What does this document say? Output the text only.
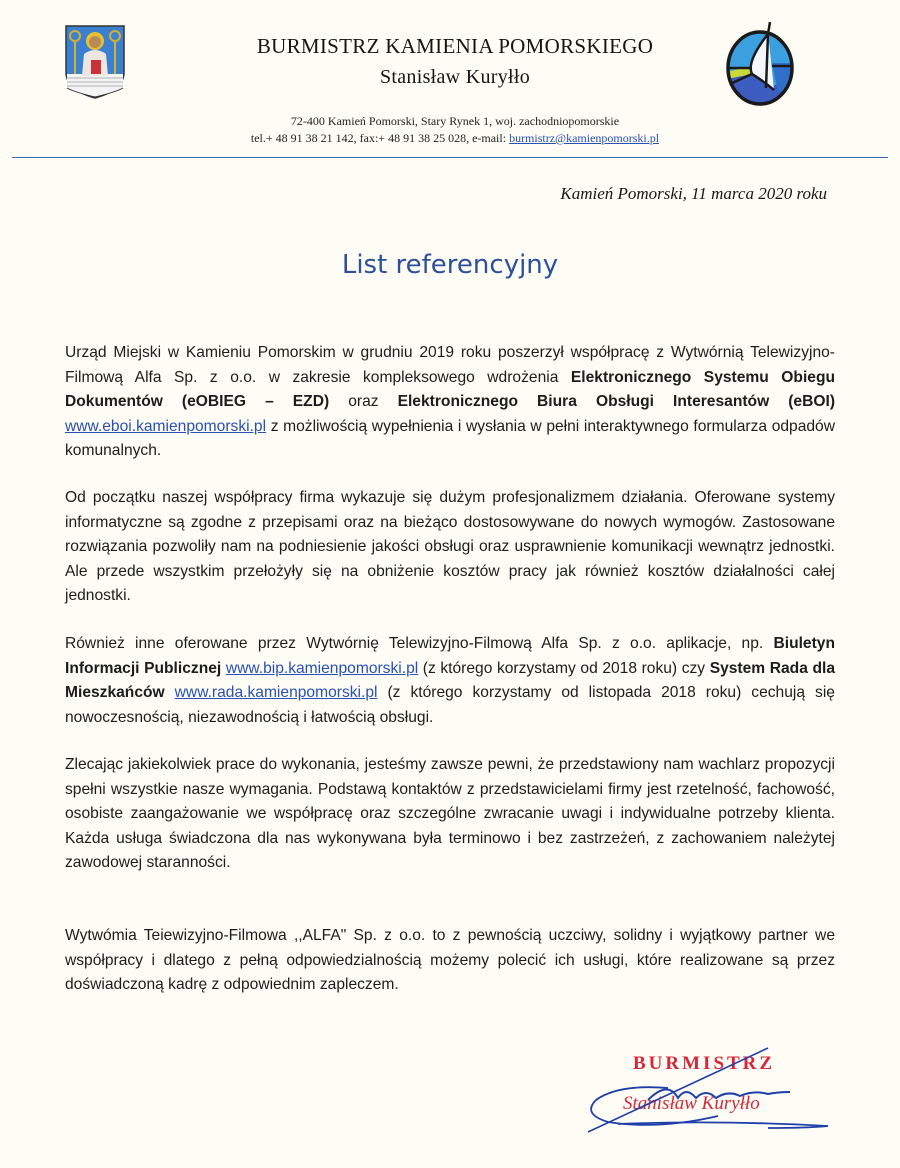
BURMISTRZ KAMIENIA POMORSKIEGO
Stanisław Kuryłło
72-400 Kamień Pomorski, Stary Rynek 1, woj. zachodniopomorskie
tel.+ 48 91 38 21 142, fax:+ 48 91 38 25 028, e-mail: burmistrz@kamienpomorski.pl
Kamień Pomorski, 11 marca 2020 roku
List referencyjny

Urząd Miejski w Kamieniu Pomorskim w grudniu 2019 roku poszerzył współpracę z Wytwórnią Telewizyjno-Filmową Alfa Sp. z o.o. w zakresie kompleksowego wdrożenia Elektronicznego Systemu Obiegu Dokumentów (eOBIEG – EZD) oraz Elektronicznego Biura Obsługi Interesantów (eBOI) www.eboi.kamienpomorski.pl z możliwością wypełnienia i wysłania w pełni interaktywnego formularza odpadów komunalnych.

Od początku naszej współpracy firma wykazuje się dużym profesjonalizmem działania. Oferowane systemy informatyczne są zgodne z przepisami oraz na bieżąco dostosowywane do nowych wymogów. Zastosowane rozwiązania pozwoliły nam na podniesienie jakości obsługi oraz usprawnienie komunikacji wewnątrz jednostki. Ale przede wszystkim przełożyły się na obniżenie kosztów pracy jak również kosztów działalności całej jednostki.

Również inne oferowane przez Wytwórnię Telewizyjno-Filmową Alfa Sp. z o.o. aplikacje, np. Biuletyn Informacji Publicznej www.bip.kamienpomorski.pl (z którego korzystamy od 2018 roku) czy System Rada dla Mieszkańców www.rada.kamienpomorski.pl (z którego korzystamy od listopada 2018 roku) cechują się nowoczesnością, niezawodnością i łatwością obsługi.

Zlecając jakiekolwiek prace do wykonania, jesteśmy zawsze pewni, że przedstawiony nam wachlarz propozycji spełni wszystkie nasze wymagania. Podstawą kontaktów z przedstawicielami firmy jest rzetelność, fachowość, osobiste zaangażowanie we współpracę oraz szczególne zwracanie uwagi i indywidualne potrzeby klienta. Każda usługa świadczona dla nas wykonywana była terminowo i bez zastrzeżeń, z zachowaniem należytej zawodowej staranności.

Wytwómia Teiewizyjno-Filmowa ,,ALFA" Sp. z o.o. to z pewnością uczciwy, solidny i wyjątkowy partner we współpracy i dlatego z pełną odpowiedzialnością możemy polecić ich usługi, które realizowane są przez doświadczoną kadrę z odpowiednim zapleczem.

BURMISTRZ
Stanisław Kuryłło
